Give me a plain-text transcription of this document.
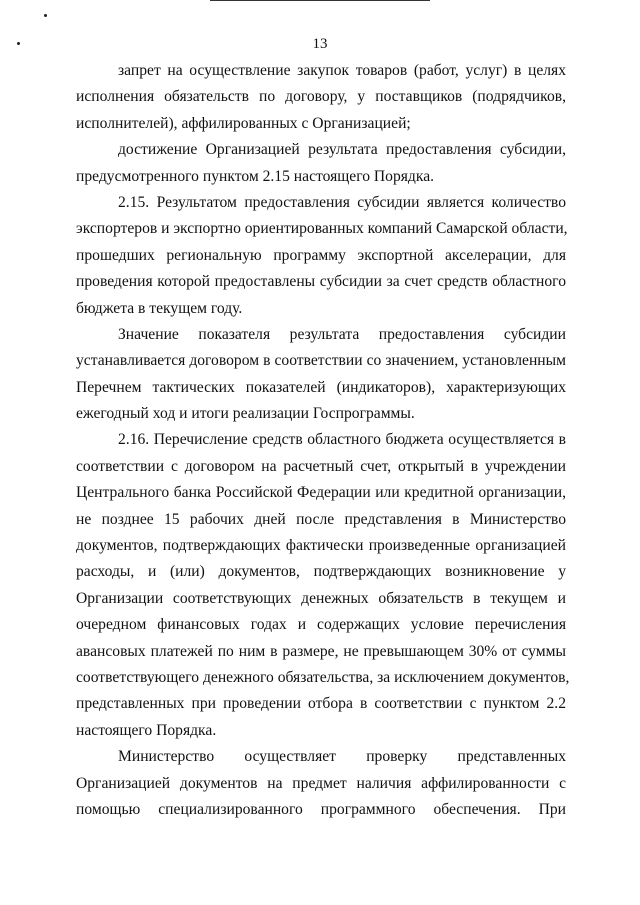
13
запрет на осуществление закупок товаров (работ, услуг) в целях
исполнения обязательств по договору, у поставщиков (подрядчиков,
исполнителей), аффилированных с Организацией;
достижение Организацией результата предоставления субсидии,
предусмотренного пунктом 2.15 настоящего Порядка.
2.15. Результатом предоставления субсидии является количество
экспортеров и экспортно ориентированных компаний Самарской области,
прошедших региональную программу экспортной акселерации, для
проведения которой предоставлены субсидии за счет средств областного
бюджета в текущем году.
Значение показателя результата предоставления субсидии
устанавливается договором в соответствии со значением, установленным
Перечнем тактических показателей (индикаторов), характеризующих
ежегодный ход и итоги реализации Госпрограммы.
2.16. Перечисление средств областного бюджета осуществляется в
соответствии с договором на расчетный счет, открытый в учреждении
Центрального банка Российской Федерации или кредитной организации,
не позднее 15 рабочих дней после представления в Министерство
документов, подтверждающих фактически произведенные организацией
расходы, и (или) документов, подтверждающих возникновение у
Организации соответствующих денежных обязательств в текущем и
очередном финансовых годах и содержащих условие перечисления
авансовых платежей по ним в размере, не превышающем 30% от суммы
соответствующего денежного обязательства, за исключением документов,
представленных при проведении отбора в соответствии с пунктом 2.2
настоящего Порядка.
Министерство осуществляет проверку представленных
Организацией документов на предмет наличия аффилированности с
помощью специализированного программного обеспечения. При
